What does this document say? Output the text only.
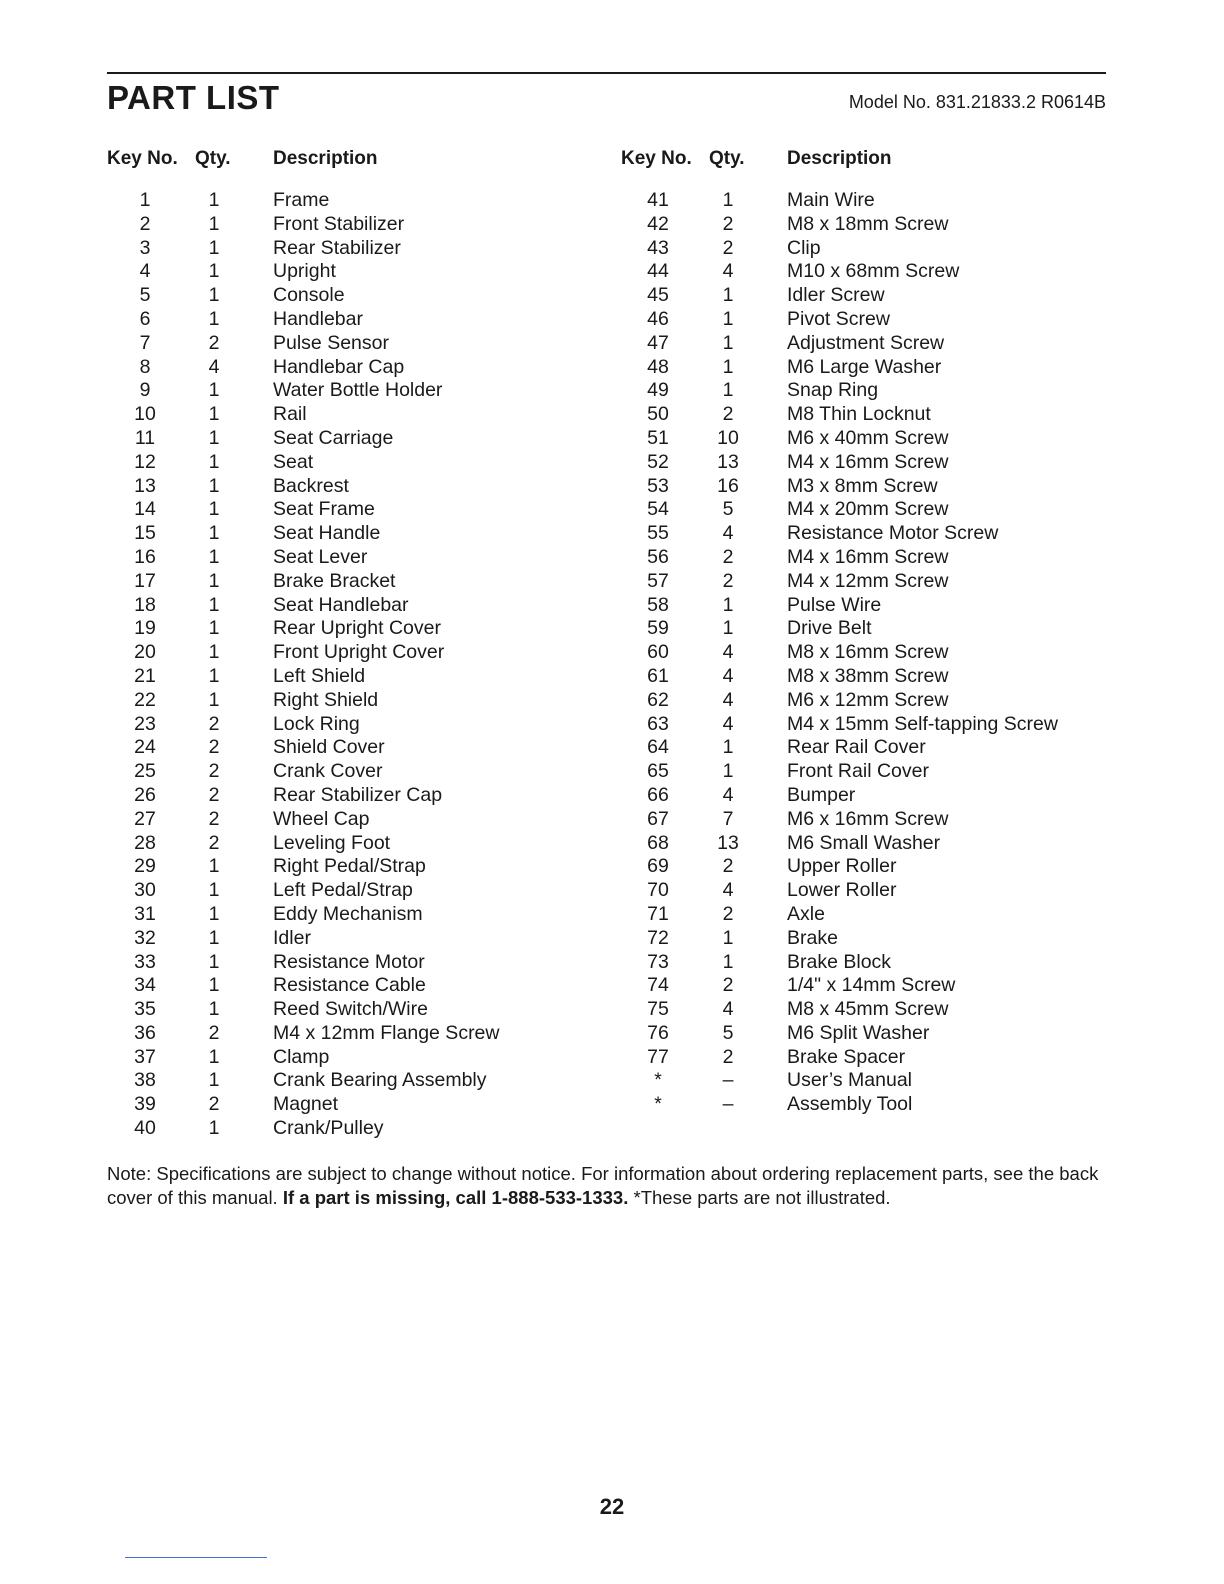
PART LIST	Model No. 831.21833.2 R0614B
Key No. Qty. Description	Key No. Qty. Description
1	1	Frame
2	1	Front Stabilizer
3	1	Rear Stabilizer
4	1	Upright
5	1	Console
6	1	Handlebar
7	2	Pulse Sensor
8	4	Handlebar Cap
9	1	Water Bottle Holder
10	1	Rail
11	1	Seat Carriage
12	1	Seat
13	1	Backrest
14	1	Seat Frame
15	1	Seat Handle
16	1	Seat Lever
17	1	Brake Bracket
18	1	Seat Handlebar
19	1	Rear Upright Cover
20	1	Front Upright Cover
21	1	Left Shield
22	1	Right Shield
23	2	Lock Ring
24	2	Shield Cover
25	2	Crank Cover
26	2	Rear Stabilizer Cap
27	2	Wheel Cap
28	2	Leveling Foot
29	1	Right Pedal/Strap
30	1	Left Pedal/Strap
31	1	Eddy Mechanism
32	1	Idler
33	1	Resistance Motor
34	1	Resistance Cable
35	1	Reed Switch/Wire
36	2	M4 x 12mm Flange Screw
37	1	Clamp
38	1	Crank Bearing Assembly
39	2	Magnet
40	1	Crank/Pulley
41	1	Main Wire
42	2	M8 x 18mm Screw
43	2	Clip
44	4	M10 x 68mm Screw
45	1	Idler Screw
46	1	Pivot Screw
47	1	Adjustment Screw
48	1	M6 Large Washer
49	1	Snap Ring
50	2	M8 Thin Locknut
51	10	M6 x 40mm Screw
52	13	M4 x 16mm Screw
53	16	M3 x 8mm Screw
54	5	M4 x 20mm Screw
55	4	Resistance Motor Screw
56	2	M4 x 16mm Screw
57	2	M4 x 12mm Screw
58	1	Pulse Wire
59	1	Drive Belt
60	4	M8 x 16mm Screw
61	4	M8 x 38mm Screw
62	4	M6 x 12mm Screw
63	4	M4 x 15mm Self-tapping Screw
64	1	Rear Rail Cover
65	1	Front Rail Cover
66	4	Bumper
67	7	M6 x 16mm Screw
68	13	M6 Small Washer
69	2	Upper Roller
70	4	Lower Roller
71	2	Axle
72	1	Brake
73	1	Brake Block
74	2	1/4" x 14mm Screw
75	4	M8 x 45mm Screw
76	5	M6 Split Washer
77	2	Brake Spacer
*	–	User’s Manual
*	–	Assembly Tool
Note: Specifications are subject to change without notice. For information about ordering replacement parts, see the back cover of this manual. If a part is missing, call 1-888-533-1333. *These parts are not illustrated.
22
